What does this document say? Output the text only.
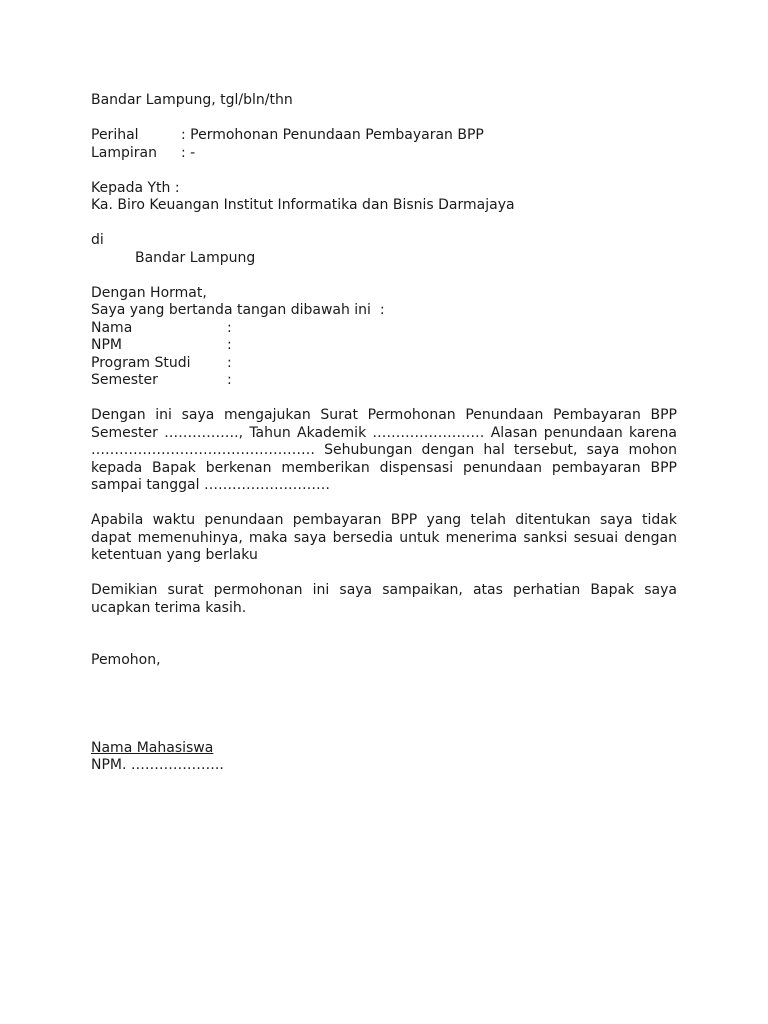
Bandar Lampung, tgl/bln/thn
Perihal	: Permohonan Penundaan Pembayaran BPP
Lampiran	: -
Kepada Yth :
Ka. Biro Keuangan Institut Informatika dan Bisnis Darmajaya
di
Bandar Lampung
Dengan Hormat,
Saya yang bertanda tangan dibawah ini  :
Nama	:
NPM	:
Program Studi	:
Semester	:

Dengan ini saya mengajukan Surat Permohonan Penundaan Pembayaran BPP Semester ……………., Tahun Akademik …………………… Alasan penundaan karena ………………………………………… Sehubungan dengan hal tersebut, saya mohon kepada Bapak berkenan memberikan dispensasi penundaan pembayaran BPP sampai tanggal ………………………

Apabila waktu penundaan pembayaran BPP yang telah ditentukan saya tidak dapat memenuhinya, maka saya bersedia untuk menerima sanksi sesuai dengan ketentuan yang berlaku

Demikian surat permohonan ini saya sampaikan, atas perhatian Bapak saya ucapkan terima kasih.

Pemohon,
Nama Mahasiswa
NPM. ………………..
